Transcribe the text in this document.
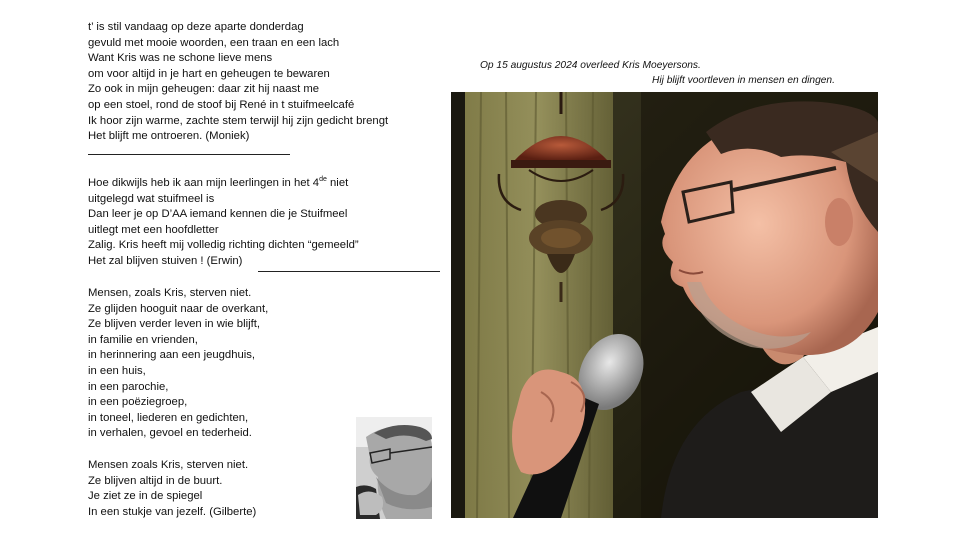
t’ is stil vandaag op deze aparte donderdag
gevuld met mooie woorden, een traan en een lach
Want Kris was ne schone lieve mens
om voor altijd in je hart en geheugen te bewaren
Zo ook in mijn geheugen: daar zit hij naast me
op een stoel, rond de stoof bij René in t stuifmeelcafé
Ik hoor zijn warme, zachte stem terwijl hij zijn gedicht brengt
Het blijft me ontroeren. (Moniek)
Hoe dikwijls heb ik aan mijn leerlingen in het 4de niet
uitgelegd wat stuifmeel is
Dan leer je op D’AA iemand kennen die je Stuifmeel
uitlegt met een hoofdletter
Zalig. Kris heeft mij volledig richting dichten “gemeeld”
Het zal blijven stuiven ! (Erwin)
Mensen, zoals Kris, sterven niet.
Ze glijden hooguit naar de overkant,
Ze blijven verder leven in wie blijft,
in familie en vrienden,
in herinnering aan een jeugdhuis,
in een huis,
in een parochie,
in een poëziegroep,
in toneel, liederen en gedichten,
in verhalen, gevoel en tederheid.
Mensen zoals Kris, sterven niet.
Ze blijven altijd in de buurt.
Je ziet ze in de spiegel
In een stukje van jezelf. (Gilberte)
Op 15 augustus 2024 overleed Kris Moeyersons.
Hij blijft voortleven in mensen en dingen.
